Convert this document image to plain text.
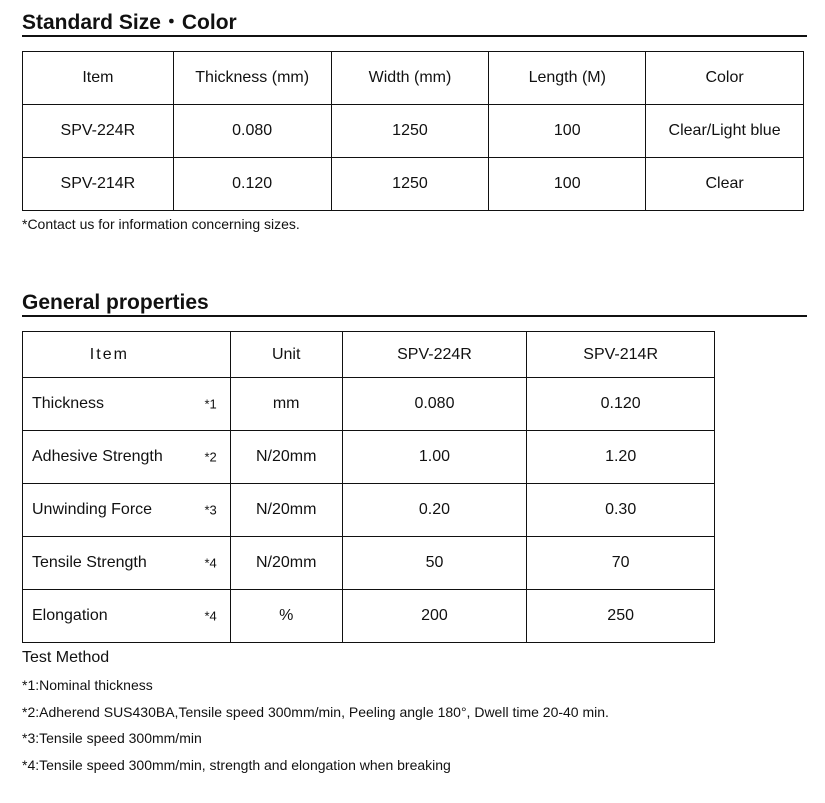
Standard Size・Color
Item	Thickness (mm)	Width (mm)	Length (M)	Color
SPV-224R	0.080	1250	100	Clear/Light blue
SPV-214R	0.120	1250	100	Clear
*Contact us for information concerning sizes.
General properties
Item	Unit	SPV-224R	SPV-214R
Thickness *1	mm	0.080	0.120
Adhesive Strength *2	N/20mm	1.00	1.20
Unwinding Force *3	N/20mm	0.20	0.30
Tensile Strength *4	N/20mm	50	70
Elongation *4	%	200	250
Test Method
*1:Nominal thickness
*2:Adherend SUS430BA,Tensile speed 300mm/min, Peeling angle 180°, Dwell time 20-40 min.
*3:Tensile speed 300mm/min
*4:Tensile speed 300mm/min, strength and elongation when breaking
